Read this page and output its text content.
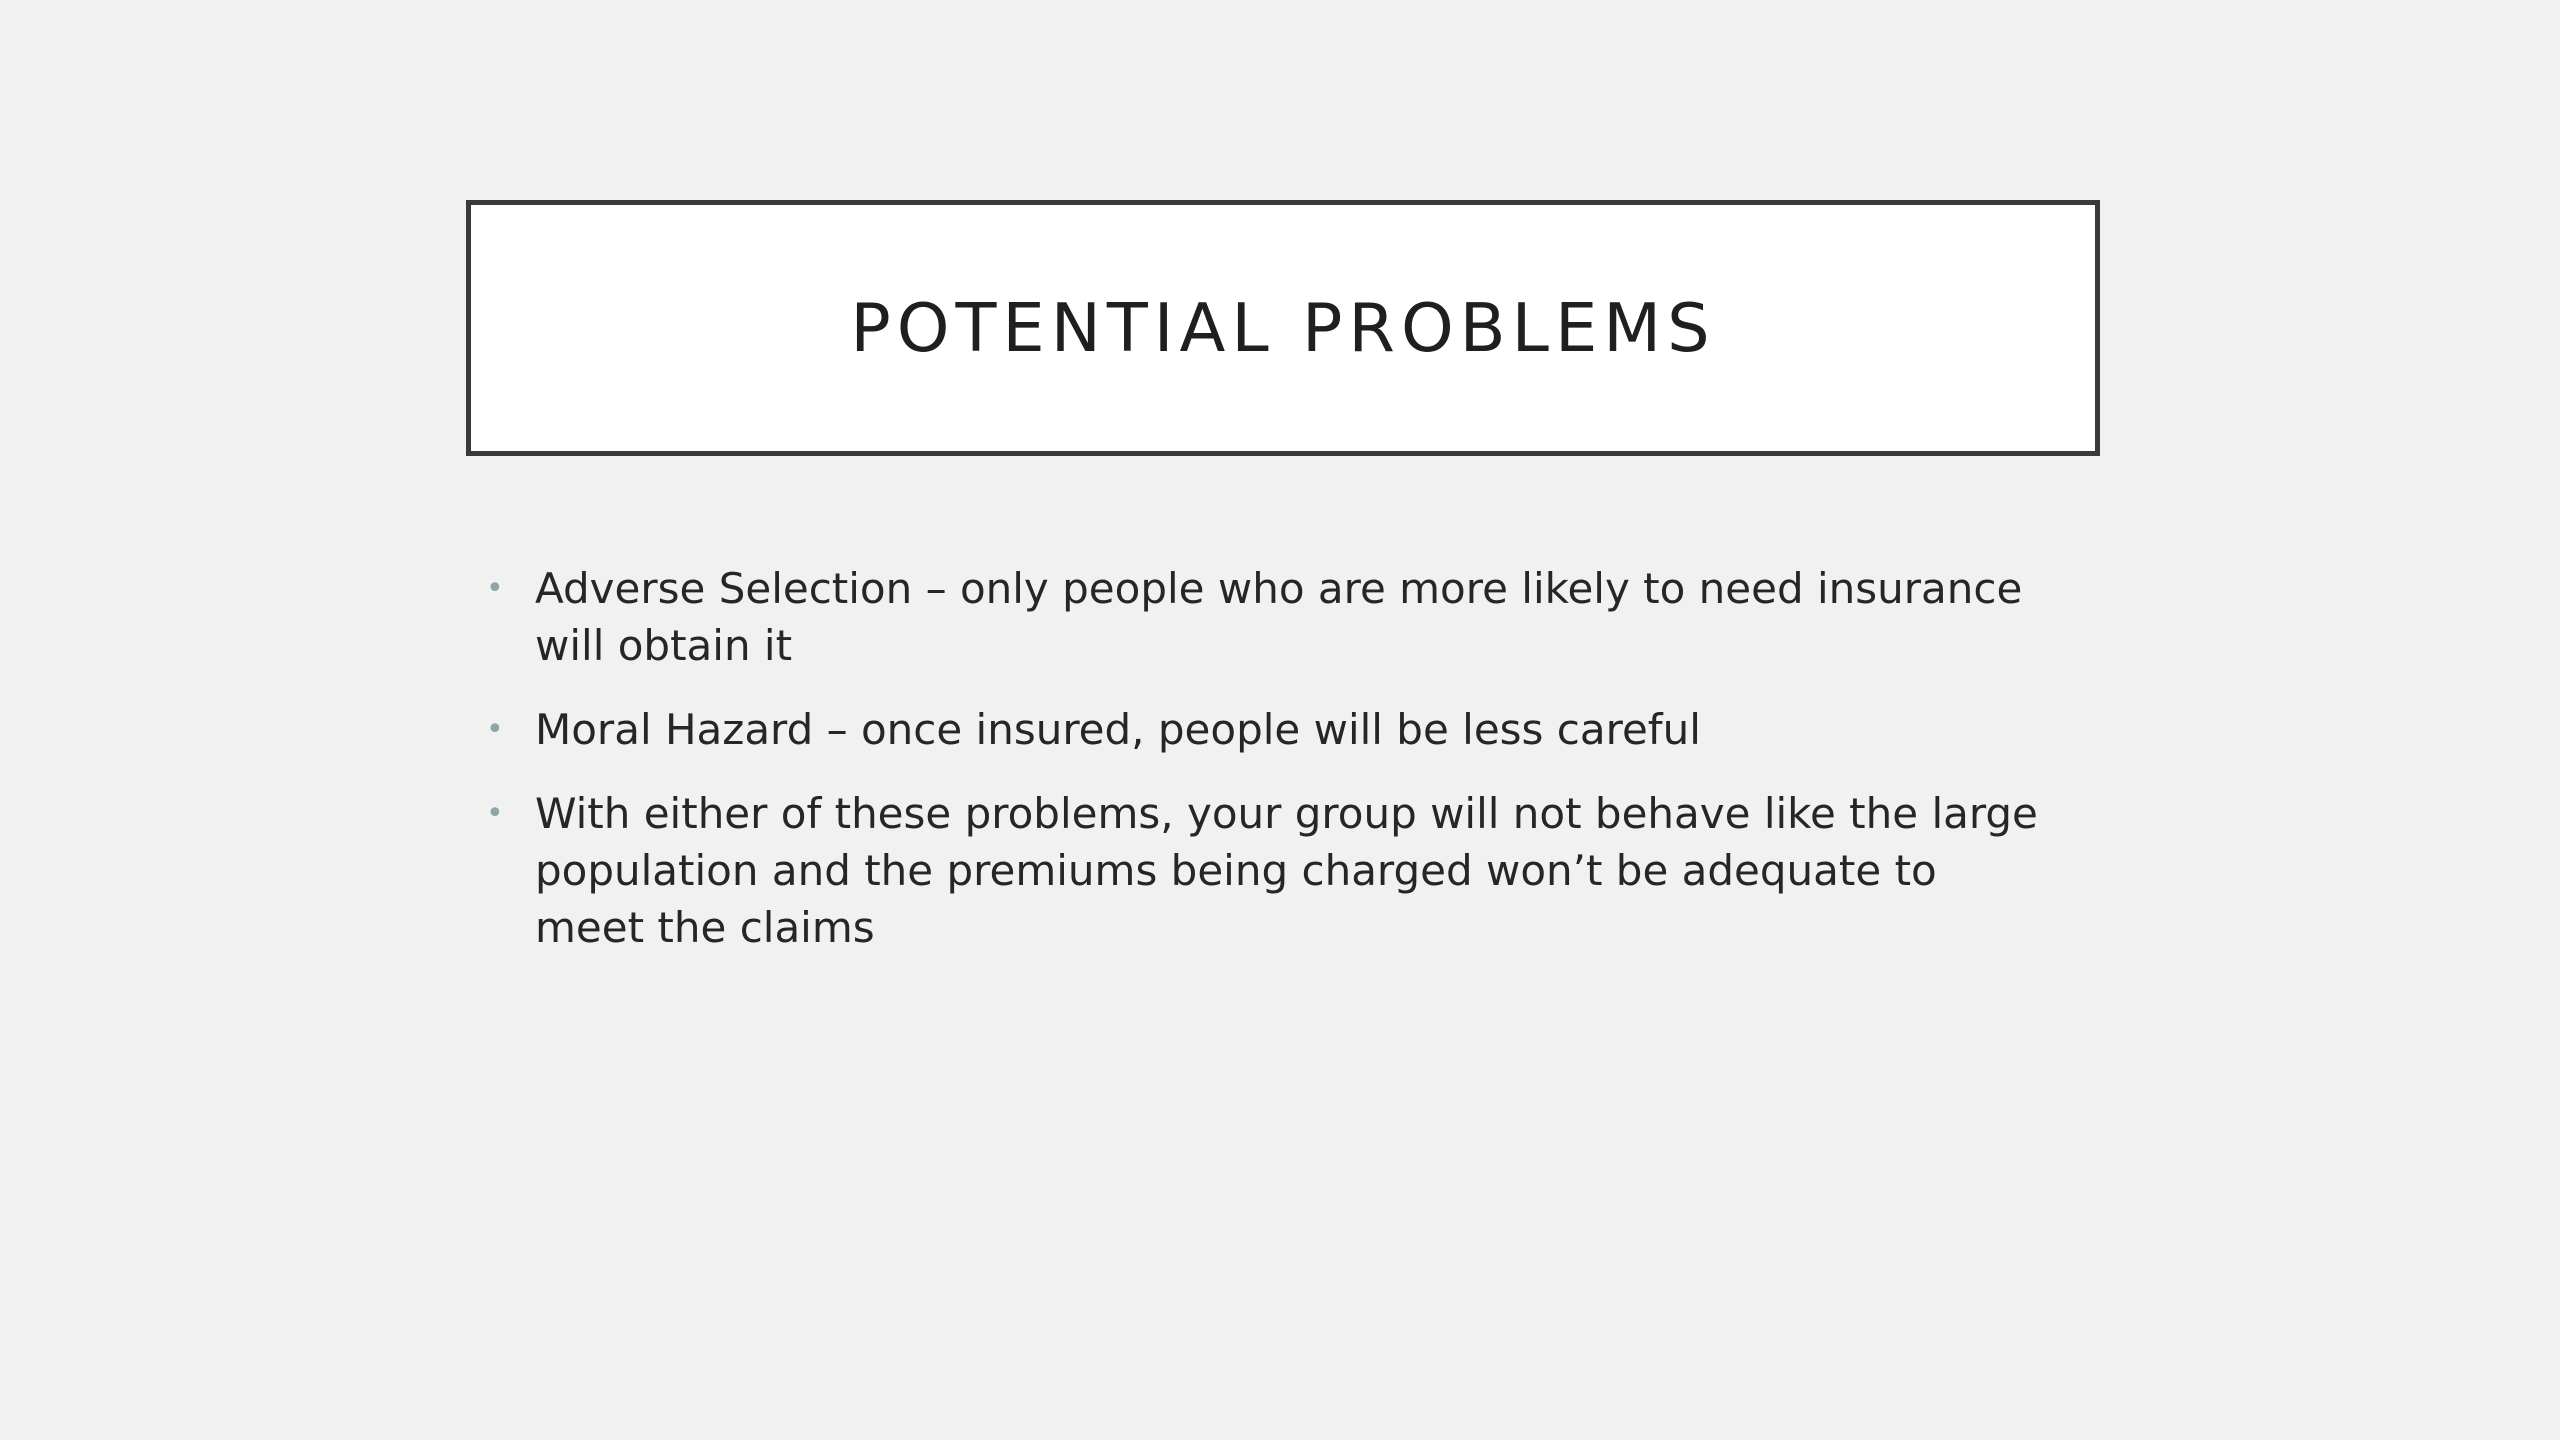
POTENTIAL PROBLEMS
• Adverse Selection – only people who are more likely to need insurance will obtain it
• Moral Hazard – once insured, people will be less careful
• With either of these problems, your group will not behave like the large population and the premiums being charged won’t be adequate to meet the claims
